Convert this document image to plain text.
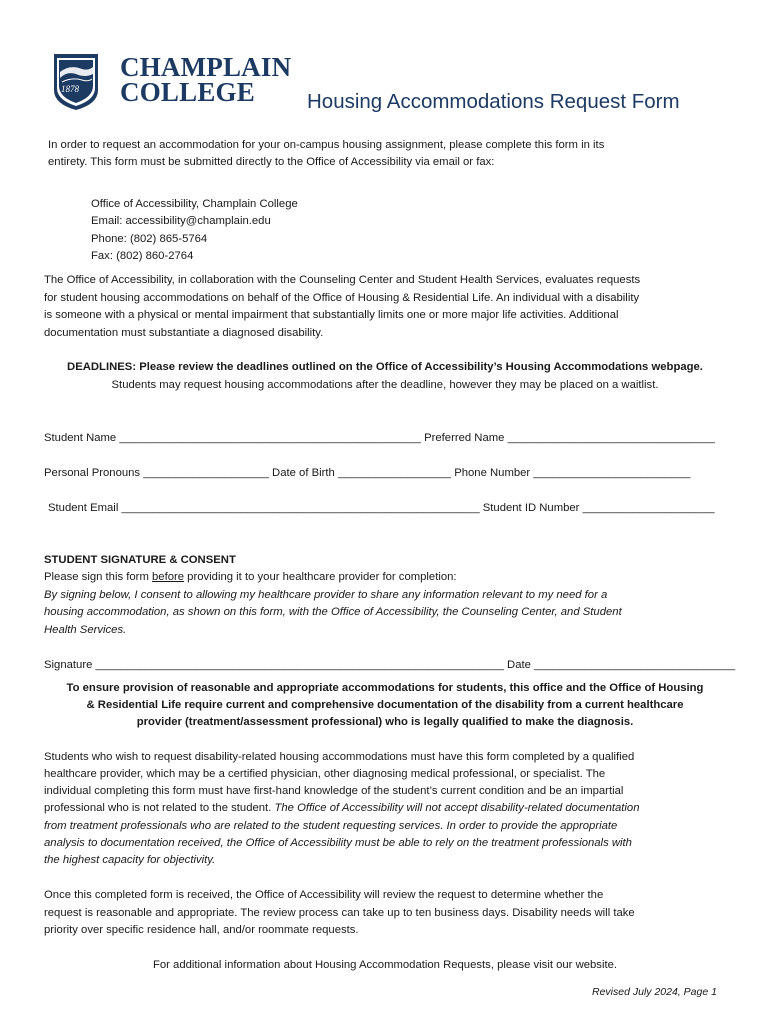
1878
CHAMPLAIN
COLLEGE	Housing Accommodations Request Form
In order to request an accommodation for your on-campus housing assignment, please complete this form in its
entirety. This form must be submitted directly to the Office of Accessibility via email or fax:
Office of Accessibility, Champlain College
Email: accessibility@champlain.edu
Phone: (802) 865-5764
Fax: (802) 860-2764
The Office of Accessibility, in collaboration with the Counseling Center and Student Health Services, evaluates requests
for student housing accommodations on behalf of the Office of Housing & Residential Life. An individual with a disability
is someone with a physical or mental impairment that substantially limits one or more major life activities. Additional
documentation must substantiate a diagnosed disability.
DEADLINES: Please review the deadlines outlined on the Office of Accessibility’s Housing Accommodations webpage.
Students may request housing accommodations after the deadline, however they may be placed on a waitlist.
Student Name ________________________________________________ Preferred Name _________________________________
Personal Pronouns ____________________ Date of Birth __________________ Phone Number _________________________
Student Email _________________________________________________________ Student ID Number _____________________
STUDENT SIGNATURE & CONSENT
Please sign this form before providing it to your healthcare provider for completion:
By signing below, I consent to allowing my healthcare provider to share any information relevant to my need for a
housing accommodation, as shown on this form, with the Office of Accessibility, the Counseling Center, and Student
Health Services.
Signature _________________________________________________________________ Date ________________________________
To ensure provision of reasonable and appropriate accommodations for students, this office and the Office of Housing
& Residential Life require current and comprehensive documentation of the disability from a current healthcare
provider (treatment/assessment professional) who is legally qualified to make the diagnosis.
Students who wish to request disability-related housing accommodations must have this form completed by a qualified
healthcare provider, which may be a certified physician, other diagnosing medical professional, or specialist. The
individual completing this form must have first-hand knowledge of the student’s current condition and be an impartial
professional who is not related to the student. The Office of Accessibility will not accept disability-related documentation
from treatment professionals who are related to the student requesting services. In order to provide the appropriate
analysis to documentation received, the Office of Accessibility must be able to rely on the treatment professionals with
the highest capacity for objectivity.
Once this completed form is received, the Office of Accessibility will review the request to determine whether the
request is reasonable and appropriate. The review process can take up to ten business days. Disability needs will take
priority over specific residence hall, and/or roommate requests.
For additional information about Housing Accommodation Requests, please visit our website.
Revised July 2024, Page 1
